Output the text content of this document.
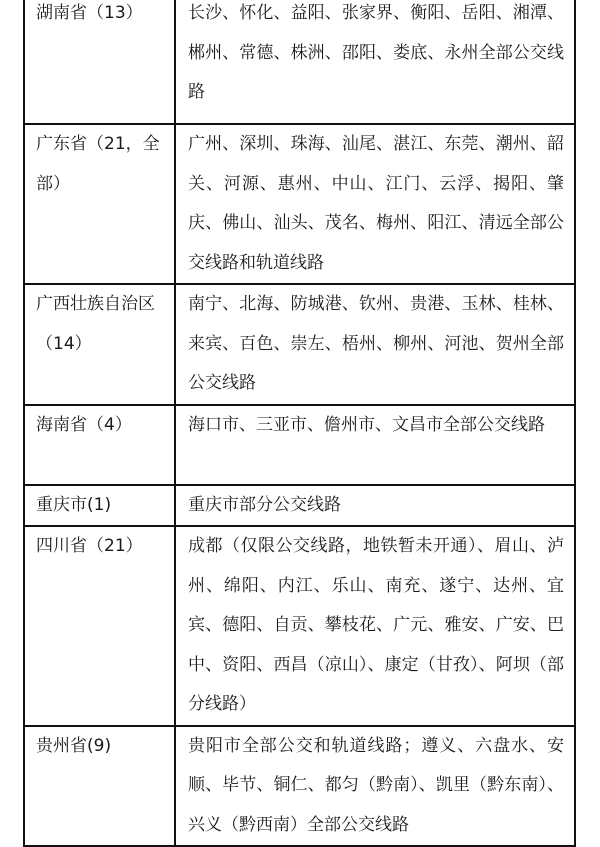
湖南省（13）	长沙、怀化、益阳、张家界、衡阳、岳阳、湘潭、郴州、常德、株洲、邵阳、娄底、永州全部公交线路
广东省（21，全部）	广州、深圳、珠海、汕尾、湛江、东莞、潮州、韶关、河源、惠州、中山、江门、云浮、揭阳、肇庆、佛山、汕头、茂名、梅州、阳江、清远全部公交线路和轨道线路
广西壮族自治区（14）	南宁、北海、防城港、钦州、贵港、玉林、桂林、来宾、百色、崇左、梧州、柳州、河池、贺州全部公交线路
海南省（4）	海口市、三亚市、儋州市、文昌市全部公交线路
重庆市(1)	重庆市部分公交线路
四川省（21）	成都（仅限公交线路，地铁暂未开通）、眉山、泸州、绵阳、内江、乐山、南充、遂宁、达州、宜宾、德阳、自贡、攀枝花、广元、雅安、广安、巴中、资阳、西昌（凉山）、康定（甘孜）、阿坝（部分线路）
贵州省(9)	贵阳市全部公交和轨道线路；遵义、六盘水、安顺、毕节、铜仁、都匀（黔南）、凯里（黔东南）、兴义（黔西南）全部公交线路
